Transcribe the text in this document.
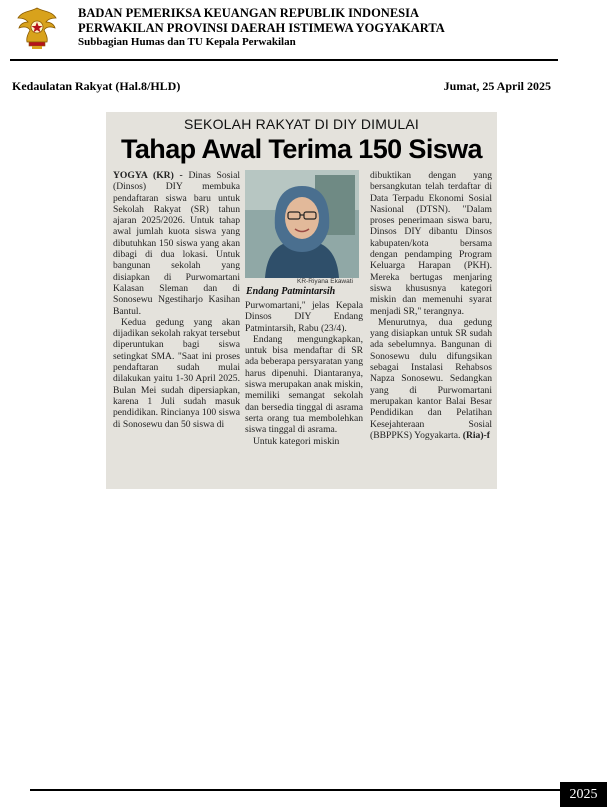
BADAN PEMERIKSA KEUANGAN REPUBLIK INDONESIA
PERWAKILAN PROVINSI DAERAH ISTIMEWA YOGYAKARTA
Subbagian Humas dan TU Kepala Perwakilan
Kedaulatan Rakyat (Hal.8/HLD)	Jumat, 25 April 2025
SEKOLAH RAKYAT DI DIY DIMULAI
Tahap Awal Terima 150 Siswa

YOGYA (KR) - Dinas Sosial (Dinsos) DIY membuka pendaftaran siswa baru untuk Sekolah Rakyat (SR) tahun ajaran 2025/2026. Untuk tahap awal jumlah kuota siswa yang dibutuhkan 150 siswa yang akan dibagi di dua lokasi. Untuk bangunan sekolah yang disiapkan di Purwomartani Kalasan Sleman dan di Sonosewu Ngestiharjo Kasihan Bantul.

Kedua gedung yang akan dijadikan sekolah rakyat tersebut diperuntukan bagi siswa setingkat SMA. "Saat ini proses pendaftaran sudah mulai dilakukan yaitu 1-30 April 2025. Bulan Mei sudah dipersiapkan, karena 1 Juli sudah masuk pendidikan. Rincianya 100 siswa di Sonosewu dan 50 siswa di

KR-Riyana Ekawati
Endang Patmintarsih

Purwomartani," jelas Kepala Dinsos DIY Endang Patmintarsih, Rabu (23/4).

Endang mengungkapkan, untuk bisa mendaftar di SR ada beberapa persyaratan yang harus dipenuhi. Diantaranya, siswa merupakan anak miskin, memiliki semangat sekolah dan bersedia tinggal di asrama serta orang tua membolehkan siswa tinggal di asrama.

Untuk kategori miskin

dibuktikan dengan yang bersangkutan telah terdaftar di Data Terpadu Ekonomi Sosial Nasional (DTSN). "Dalam proses penerimaan siswa baru, Dinsos DIY dibantu Dinsos kabupaten/kota bersama dengan pendamping Program Keluarga Harapan (PKH). Mereka bertugas menjaring siswa khususnya kategori miskin dan memenuhi syarat menjadi SR," terangnya.

Menurutnya, dua gedung yang disiapkan untuk SR sudah ada sebelumnya. Bangunan di Sonosewu dulu difungsikan sebagai Instalasi Rehabsos Napza Sonosewu. Sedangkan yang di Purwomartani merupakan kantor Balai Besar Pendidikan dan Pelatihan Kesejahteraan Sosial (BBPPKS) Yogyakarta. (Ria)-f

2025
